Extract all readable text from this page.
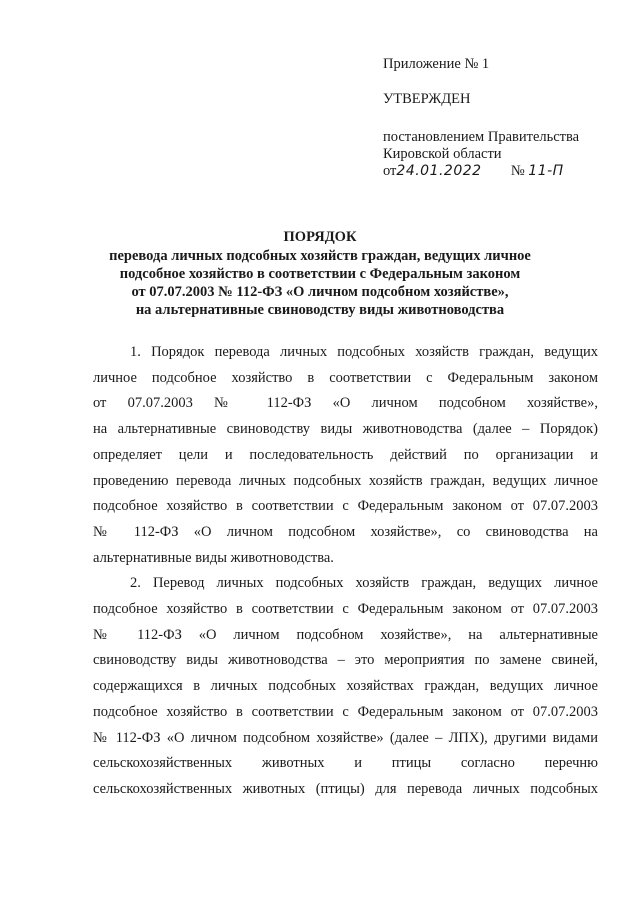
Приложение № 1
УТВЕРЖДЕН
постановлением Правительства
Кировской области
от24.01.2022 № 11-П
ПОРЯДОК
перевода личных подсобных хозяйств граждан, ведущих личное
подсобное хозяйство в соответствии с Федеральным законом
от 07.07.2003 № 112-ФЗ «О личном подсобном хозяйстве»,
на альтернативные свиноводству виды животноводства
1. Порядок перевода личных подсобных хозяйств граждан, ведущих
личное подсобное хозяйство в соответствии с Федеральным законом
от 07.07.2003 № 112-ФЗ «О личном подсобном хозяйстве»,
на альтернативные свиноводству виды животноводства (далее – Порядок)
определяет цели и последовательность действий по организации и
проведению перевода личных подсобных хозяйств граждан, ведущих личное
подсобное хозяйство в соответствии с Федеральным законом от 07.07.2003
№ 112-ФЗ «О личном подсобном хозяйстве», со свиноводства на
альтернативные виды животноводства.
2. Перевод личных подсобных хозяйств граждан, ведущих личное
подсобное хозяйство в соответствии с Федеральным законом от 07.07.2003
№ 112-ФЗ «О личном подсобном хозяйстве», на альтернативные
свиноводству виды животноводства – это мероприятия по замене свиней,
содержащихся в личных подсобных хозяйствах граждан, ведущих личное
подсобное хозяйство в соответствии с Федеральным законом от 07.07.2003
№ 112-ФЗ «О личном подсобном хозяйстве» (далее – ЛПХ), другими видами
сельскохозяйственных животных и птицы согласно перечню
сельскохозяйственных животных (птицы) для перевода личных подсобных
